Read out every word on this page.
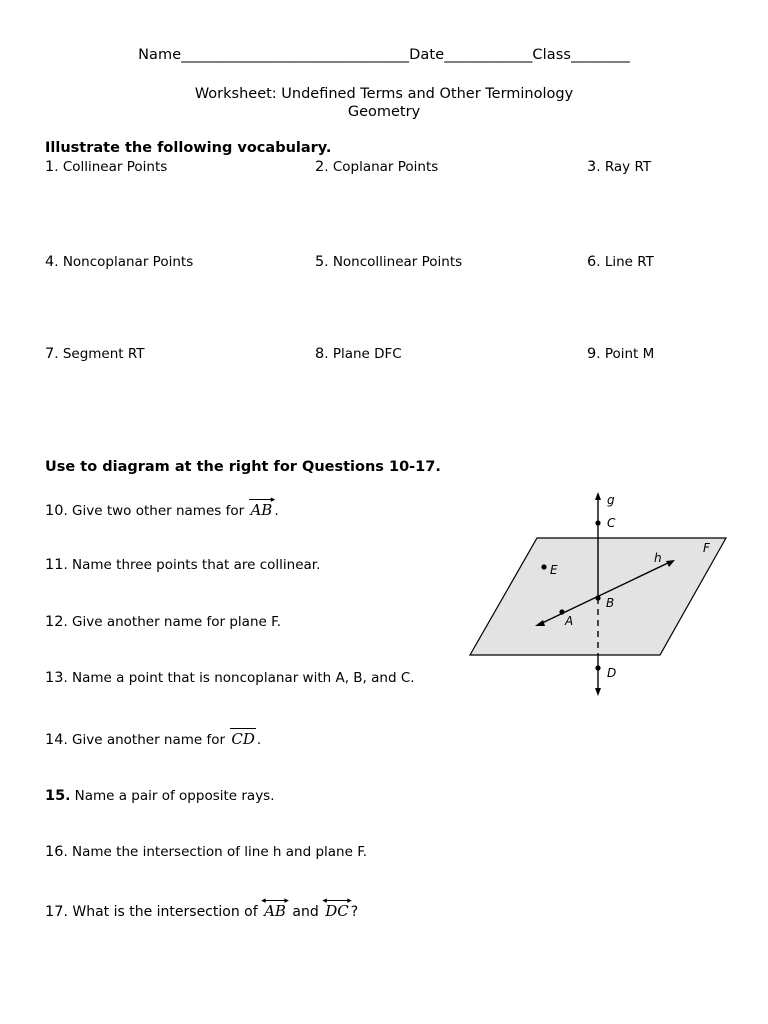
Name_______________________________Date____________Class________
Worksheet: Undefined Terms and Other Terminology
Geometry
Illustrate the following vocabulary.
1. Collinear Points	2. Coplanar Points	3. Ray RT
4. Noncoplanar Points	5. Noncollinear Points	6. Line RT
7. Segment RT	8. Plane DFC	9. Point M
Use to diagram at the right for Questions 10-17.
10. Give two other names for
▸
AB .
11. Name three points that are collinear.
12. Give another name for plane F.
13. Name a point that is noncoplanar with A, B, and C.
14. Give another name for CD .
15. Name a pair of opposite rays.
16. Name the intersection of line h and plane F.
17. What is the intersection of
◂ ▸
AB and
◂ ▸
DC ?
g
C
F
h
E
B
A
D
